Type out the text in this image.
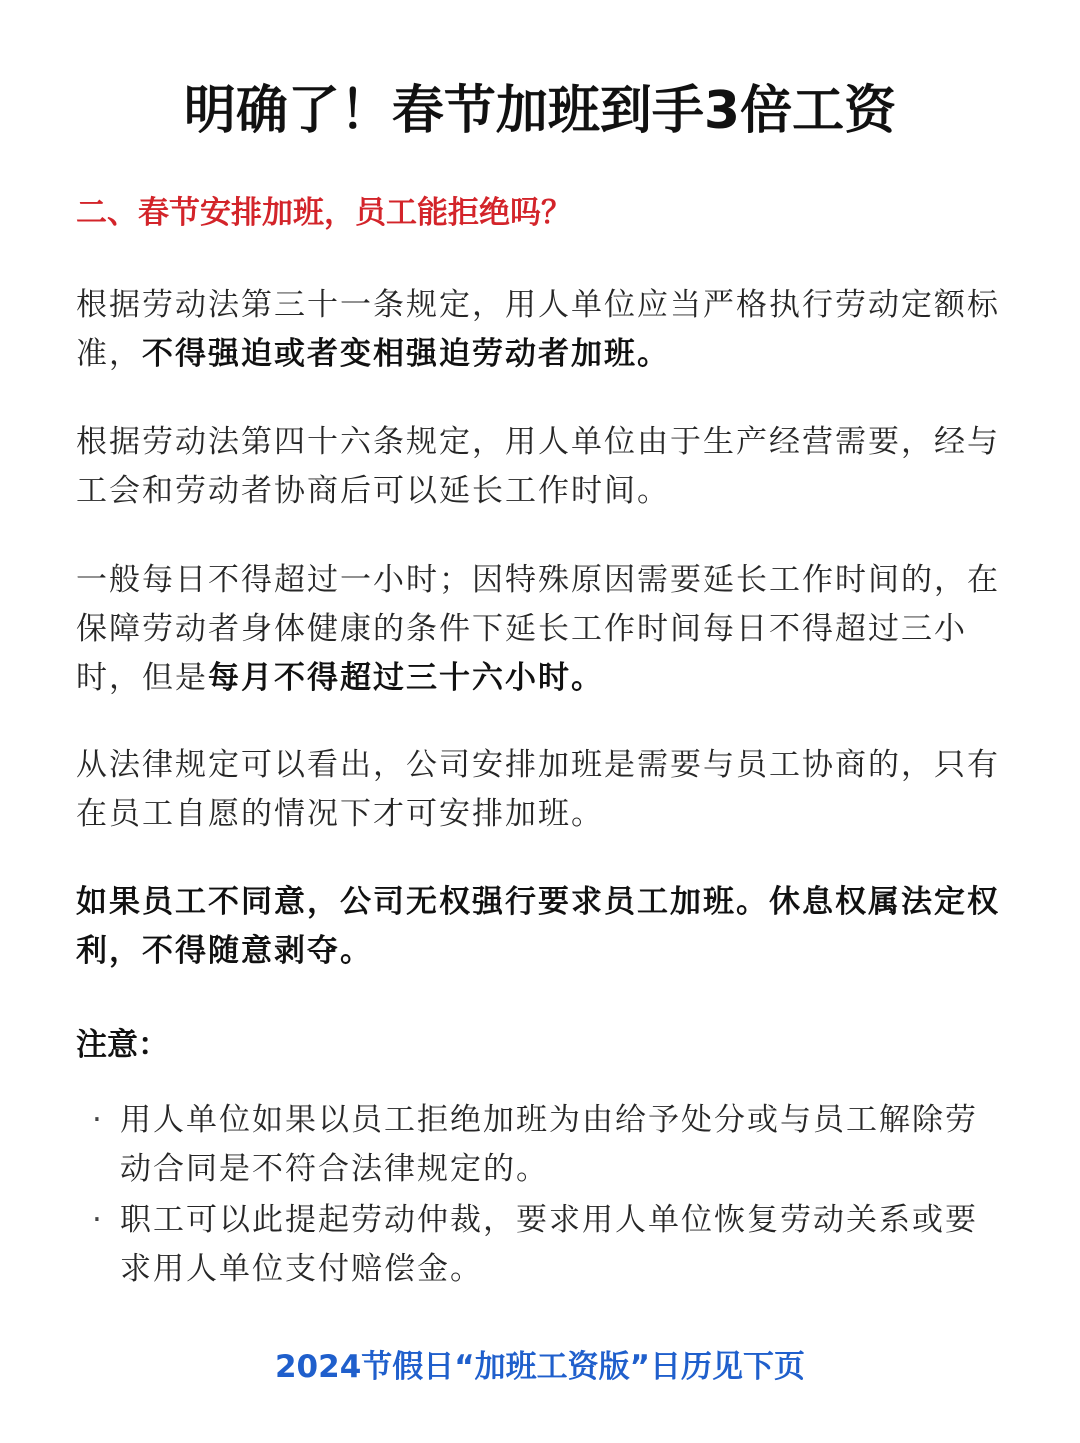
明确了！春节加班到手3倍工资
二、春节安排加班，员工能拒绝吗？

根据劳动法第三十一条规定，用人单位应当严格执行劳动定额标准，不得强迫或者变相强迫劳动者加班。

根据劳动法第四十六条规定，用人单位由于生产经营需要，经与工会和劳动者协商后可以延长工作时间。

一般每日不得超过一小时；因特殊原因需要延长工作时间的，在保障劳动者身体健康的条件下延长工作时间每日不得超过三小时，但是每月不得超过三十六小时。

从法律规定可以看出，公司安排加班是需要与员工协商的，只有在员工自愿的情况下才可安排加班。

如果员工不同意，公司无权强行要求员工加班。休息权属法定权利，不得随意剥夺。

注意：
· 用人单位如果以员工拒绝加班为由给予处分或与员工解除劳动合同是不符合法律规定的。
· 职工可以此提起劳动仲裁，要求用人单位恢复劳动关系或要求用人单位支付赔偿金。
2024节假日“加班工资版”日历见下页
